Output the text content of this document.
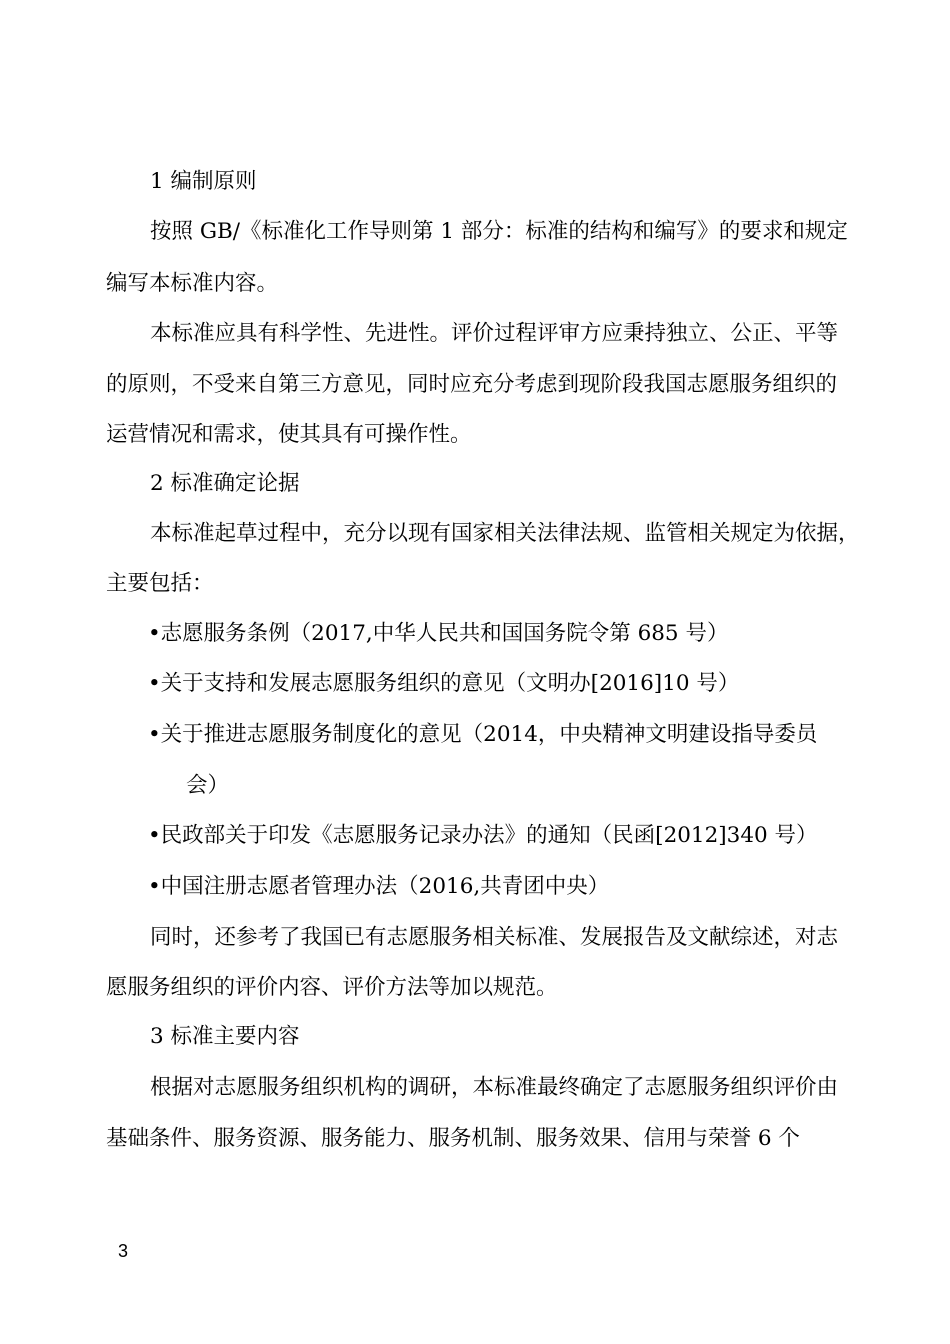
1 编制原则

按照 GB/《标准化工作导则第 1 部分：标准的结构和编写》的要求和规定

编写本标准内容。

本标准应具有科学性、先进性。评价过程评审方应秉持独立、公正、平等

的原则，不受来自第三方意见，同时应充分考虑到现阶段我国志愿服务组织的

运营情况和需求，使其具有可操作性。

2 标准确定论据

本标准起草过程中，充分以现有国家相关法律法规、监管相关规定为依据，

主要包括：

•志愿服务条例（2017,中华人民共和国国务院令第 685 号）

•关于支持和发展志愿服务组织的意见（文明办[2016]10 号）

•关于推进志愿服务制度化的意见（2014，中央精神文明建设指导委员

会）

•民政部关于印发《志愿服务记录办法》的通知（民函[2012]340 号）

•中国注册志愿者管理办法（2016,共青团中央）

同时，还参考了我国已有志愿服务相关标准、发展报告及文献综述，对志

愿服务组织的评价内容、评价方法等加以规范。

3 标准主要内容

根据对志愿服务组织机构的调研，本标准最终确定了志愿服务组织评价由

基础条件、服务资源、服务能力、服务机制、服务效果、信用与荣誉 6 个

3
